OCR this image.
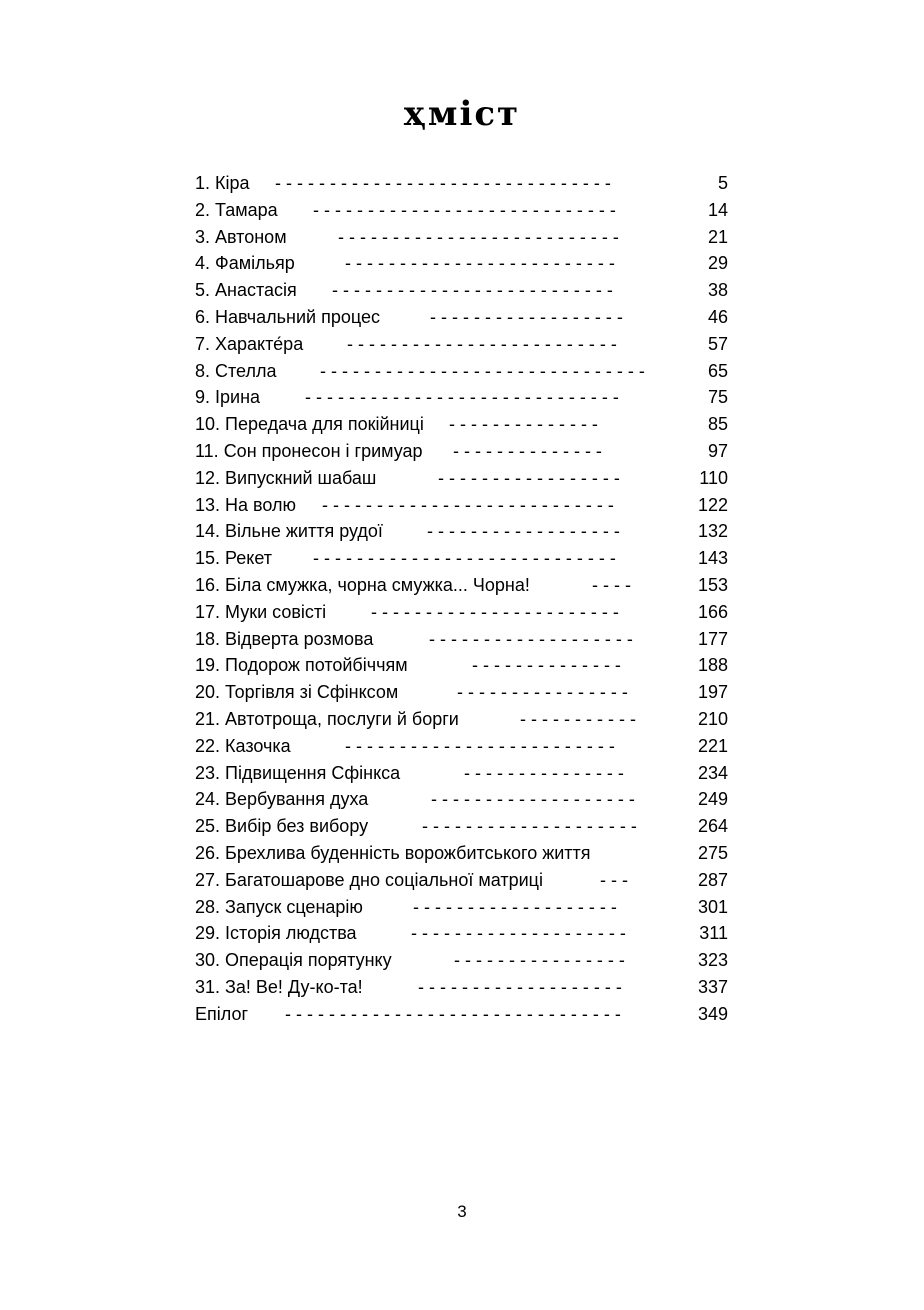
ҳміст
1. Кіра - - - - - - - - - - - - - - - - - - - - - - - - - - - - - - -	5
2. Тамара - - - - - - - - - - - - - - - - - - - - - - - - - - - -	14
3. Автоном	- - - - - - - - - - - - - - - - - - - - - - - - - -	21
4. Фамільяр	- - - - - - - - - - - - - - - - - - - - - - - - -	29
5. Анастасія - - - - - - - - - - - - - - - - - - - - - - - - - -	38
6. Навчальний процес	- - - - - - - - - - - - - - - - - -	46
7. Характе́ра - - - - - - - - - - - - - - - - - - - - - - - - -	57
8. Стелла - - - - - - - - - - - - - - - - - - - - - - - - - - - - - -	65
9. Ірина - - - - - - - - - - - - - - - - - - - - - - - - - - - - -	75
10. Передача для покійниці - - - - - - - - - - - - - -	85
11. Сон пронесон і гримуар - - - - - - - - - - - - - -	97
12. Випускний шабаш	- - - - - - - - - - - - - - - - -	110
13. На волю - - - - - - - - - - - - - - - - - - - - - - - - - - -	122
14. Вільне життя рудої - - - - - - - - - - - - - - - - - -	132
15. Рекет - - - - - - - - - - - - - - - - - - - - - - - - - - - -	143
16. Біла смужка, чорна смужка... Чорна!	- - - -	153
17. Муки совісті - - - - - - - - - - - - - - - - - - - - - - -	166
18. Відверта розмова	- - - - - - - - - - - - - - - - - - -	177
19. Подорож потойбіччям	- - - - - - - - - - - - - -	188
20. Торгівля зі Сфінксом	- - - - - - - - - - - - - - - -	197
21. Автотроща, послуги й борги	- - - - - - - - - - -	210
22. Казочка	- - - - - - - - - - - - - - - - - - - - - - - - -	221
23. Підвищення Сфінкса	- - - - - - - - - - - - - - -	234
24. Вербування духа	- - - - - - - - - - - - - - - - - - -	249
25. Вибір без вибору	- - - - - - - - - - - - - - - - - - - -	264
26. Брехлива буденність ворожбитського життя	275
27. Багатошарове дно соціальної матриці	- - -	287
28. Запуск сценарію	- - - - - - - - - - - - - - - - - - -	301
29. Історія людства	- - - - - - - - - - - - - - - - - - - -	311
30. Операція порятунку	- - - - - - - - - - - - - - - -	323
31. За! Ве! Ду-ко-та!	- - - - - - - - - - - - - - - - - - -	337
Епілог - - - - - - - - - - - - - - - - - - - - - - - - - - - - - - -	349
3
